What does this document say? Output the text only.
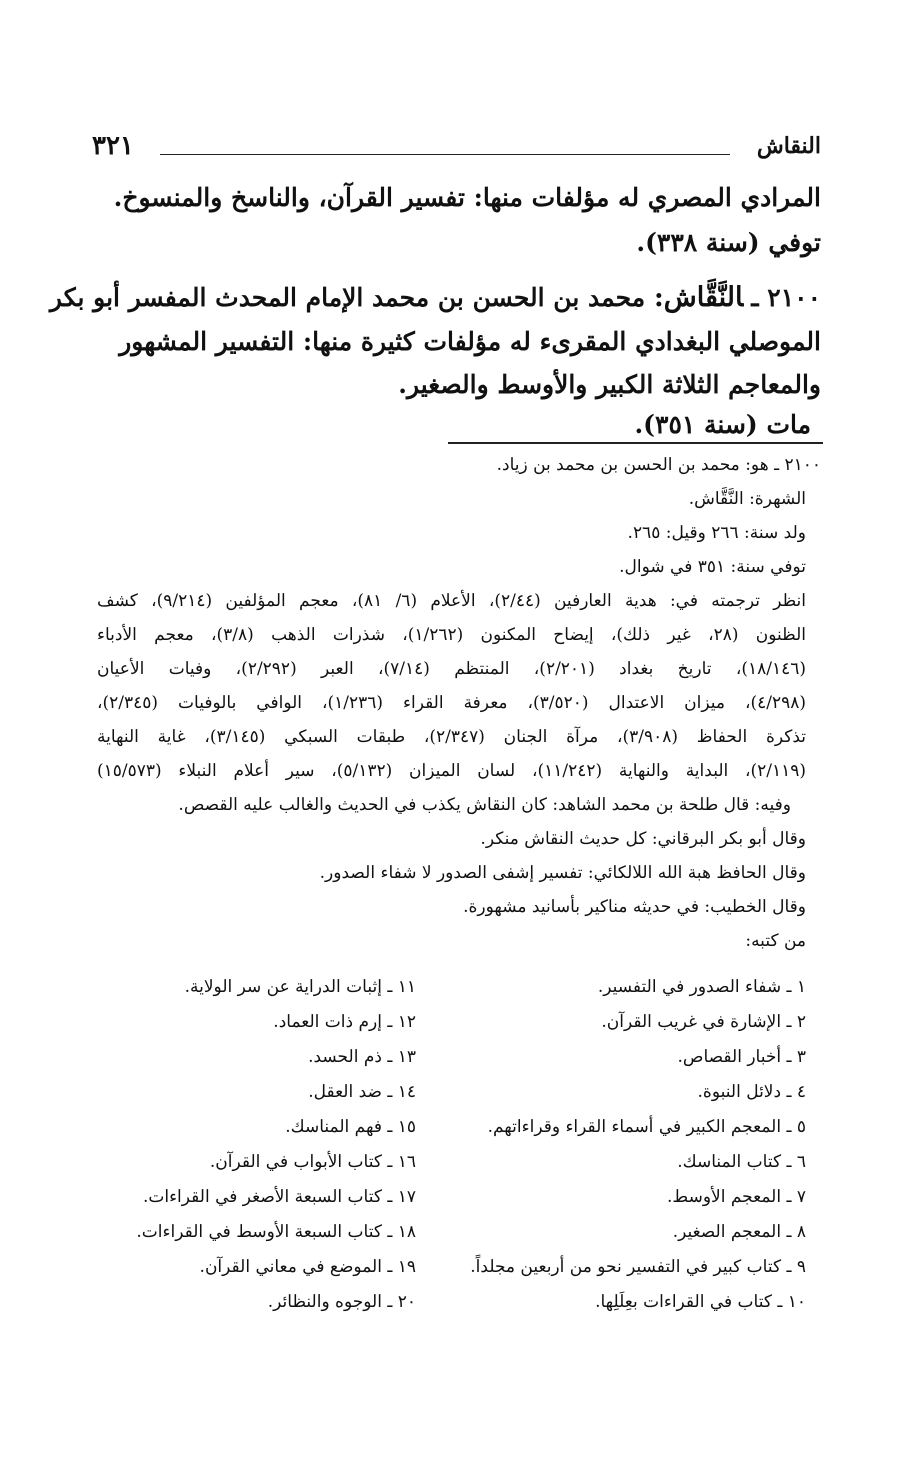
٣٢١	النقاش
المرادي المصري له مؤلفات منها: تفسير القرآن، والناسخ والمنسوخ.
توفي (سنة ٣٣٨).
٢١٠٠ ـالنَّقَّاش: محمد بن الحسن بن محمد الإمام المحدث المفسر أبو بكر
الموصلي البغدادي المقرىء له مؤلفات كثيرة منها: التفسير المشهور
والمعاجم الثلاثة الكبير والأوسط والصغير.
مات (سنة ٣٥١).
٢١٠٠ ـ هو: محمد بن الحسن بن محمد بن زياد.
الشهرة: النَّقَّاش.
ولد سنة: ٢٦٦ وقيل: ٢٦٥.
توفي سنة: ٣٥١ في شوال.
انظر ترجمته في: هدية العارفين (٢/٤٤)، الأعلام (٦/ ٨١)، معجم المؤلفين (٩/٢١٤)، كشف
الظنون (٢٨، غير ذلك)، إيضاح المكنون (١/٢٦٢)، شذرات الذهب (٣/٨)، معجم الأدباء
(١٨/١٤٦)، تاريخ بغداد (٢/٢٠١)، المنتظم (٧/١٤)، العبر (٢/٢٩٢)، وفيات الأعيان
(٤/٢٩٨)، ميزان الاعتدال (٣/٥٢٠)، معرفة القراء (١/٢٣٦)، الوافي بالوفيات (٢/٣٤٥)،
تذكرة الحفاظ (٣/٩٠٨)، مرآة الجنان (٢/٣٤٧)، طبقات السبكي (٣/١٤٥)، غاية النهاية
(٢/١١٩)، البداية والنهاية (١١/٢٤٢)، لسان الميزان (٥/١٣٢)، سير أعلام النبلاء (١٥/٥٧٣)
وفيه: قال طلحة بن محمد الشاهد: كان النقاش يكذب في الحديث والغالب عليه القصص.
وقال أبو بكر البرقاني: كل حديث النقاش منكر.
وقال الحافظ هبة الله اللالكائي: تفسير إشفى الصدور لا شفاء الصدور.
وقال الخطيب: في حديثه مناكير بأسانيد مشهورة.
من كتبه:
١ ـ شفاء الصدور في التفسير.
٢ ـ الإشارة في غريب القرآن.
٣ ـ أخبار القصاص.
٤ ـ دلائل النبوة.
٥ ـ المعجم الكبير في أسماء القراء وقراءاتهم.
٦ ـ كتاب المناسك.
٧ ـ المعجم الأوسط.
٨ ـ المعجم الصغير.
٩ ـ كتاب كبير في التفسير نحو من أربعين مجلداً.
١٠ ـ كتاب في القراءات بعِلَلِها.
١١ ـ إثبات الدراية عن سر الولاية.
١٢ ـ إرم ذات العماد.
١٣ ـ ذم الحسد.
١٤ ـ ضد العقل.
١٥ ـ فهم المناسك.
١٦ ـ كتاب الأبواب في القرآن.
١٧ ـ كتاب السبعة الأصغر في القراءات.
١٨ ـ كتاب السبعة الأوسط في القراءات.
١٩ ـ الموضع في معاني القرآن.
٢٠ ـ الوجوه والنظائر.
